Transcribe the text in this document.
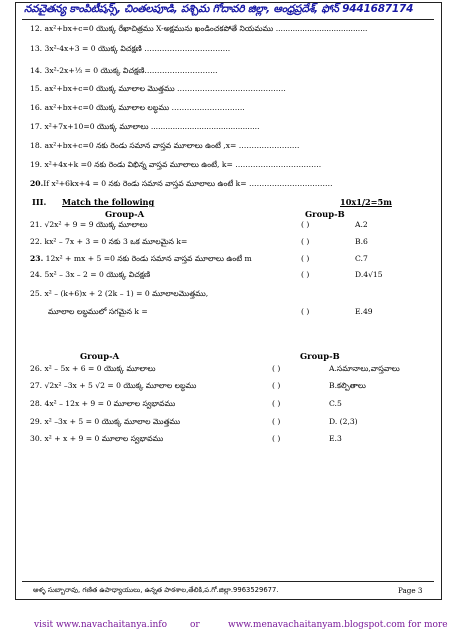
నవచైతన్య కాంపిటీషన్స్, చింతలపూడి, పశ్చిమ గోదావరి జిల్లా, ఆంధ్రప్రదేశ్, ఫోన్ 9441687174
12. ax²+bx+c=0 యొక్క రేఖాచిత్రము X-అక్షమును ఖండించకపోతే నియమము ......................................
13. 3x²-4x+3 = 0 యొక్క విచక్షణి …………………………….
14. 3x²-2x+⅓ = 0 యొక్క విచక్షణి………………………..
15. ax²+bx+c=0 యొక్క మూలాల మొత్తము …………………………………….
16. ax²+bx+c=0 యొక్క మూలాల లబ్ధము ………………………..
17. x²+7x+10=0 యొక్క మూలాలు .............................................
18. ax²+bx+c=0 నకు రెండు సమాన వాస్తవ మూలాలు ఉంటే ,x= ……………………
19. x²+4x+k =0 నకు రెండు విభిన్న వాస్తవ మూలాలు ఉంటే, k= …………………………….
20.If x²+6kx+4 = 0 నకు రెండు సమాన వాస్తవ మూలాలు ఉంటే k= ……………………………
III. Match the following	10x1/2=5m
Group-A	Group-B
21. √2x² + 9 = 9 యొక్క మూలాలు	( )	A.2
22. kx² – 7x + 3 = 0 నకు 3 ఒక మూలమైన k=	( )	B.6
23. 12x² + mx + 5 =0 నకు రెండు సమాన వాస్తవ మూలాలు ఉంటే m	( )	C.7
24. 5x² – 3x – 2 = 0 యొక్క విచక్షణి	( )	D.4√15
25. x² – (k+6)x + 2 (2k – 1) = 0 మూలాలమొత్తము,
మూలాల లబ్ధములో సగమైన k =	( )	E.49
Group-A	Group-B
26. x² – 5x + 6 = 0 యొక్క మూలాలు	( )	A.సమానాలు,వాస్తవాలు
27. √2x² –3x + 5 √2 = 0 యొక్క మూలాల లబ్ధము	( )	B.కల్పితాలు
28. 4x² – 12x + 9 = 0 మూలాల స్వభావము	( )	C.5
29. x² –3x + 5 = 0 యొక్క మూలాల మొత్తము	( )	D. (2,3)
30. x² + x + 9 = 0 మూలాల స్వభావము	( )	E.3
అళ్ళ సుబ్బారావు, గణిత ఉపాధ్యాయులు, ఉన్నత పాఠశాల,తేలికి,ప.గో.జిల్లా.9963529677.	Page 3
visit www.navachaitanya.info	or	www.menavachaitanyam.blogspot.com for more
